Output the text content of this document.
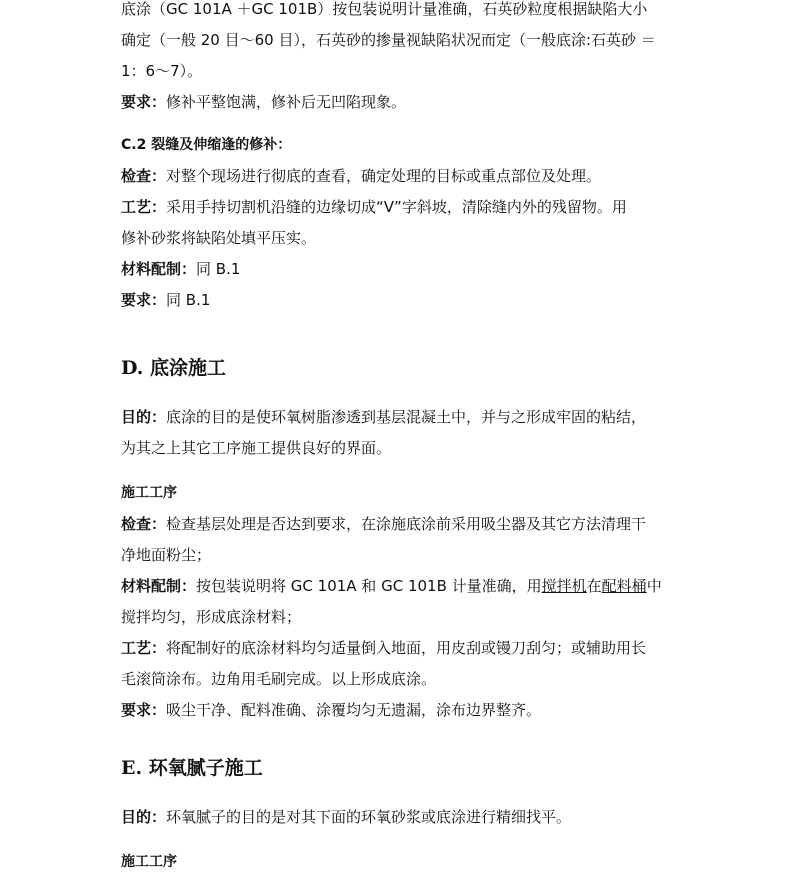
底涂（GC 101A ＋GC 101B）按包装说明计量准确，石英砂粒度根据缺陷大小
确定（一般 20 目～60 目），石英砂的掺量视缺陷状况而定（一般底涂:石英砂 ＝
1：6～7）。
要求：修补平整饱满，修补后无凹陷现象。
C.2 裂缝及伸缩逢的修补：
检查：对整个现场进行彻底的查看，确定处理的目标或重点部位及处理。
工艺：采用手持切割机沿缝的边缘切成“V”字斜坡，清除缝内外的残留物。用
修补砂浆将缺陷处填平压实。
材料配制：同 B.1
要求：同 B.1
D. 底涂施工
目的：底涂的目的是使环氧树脂渗透到基层混凝土中，并与之形成牢固的粘结，
为其之上其它工序施工提供良好的界面。
施工工序
检查：检查基层处理是否达到要求，在涂施底涂前采用吸尘器及其它方法清理干
净地面粉尘；
材料配制：按包装说明将 GC 101A 和 GC 101B 计量准确，用搅拌机在配料桶中
搅拌均匀，形成底涂材料；
工艺：将配制好的底涂材料均匀适量倒入地面，用皮刮或镘刀刮匀；或辅助用长
毛滚筒涂布。边角用毛刷完成。以上形成底涂。
要求：吸尘干净、配料准确、涂覆均匀无遗漏，涂布边界整齐。
E. 环氧腻子施工
目的：环氧腻子的目的是对其下面的环氧砂浆或底涂进行精细找平。
施工工序
